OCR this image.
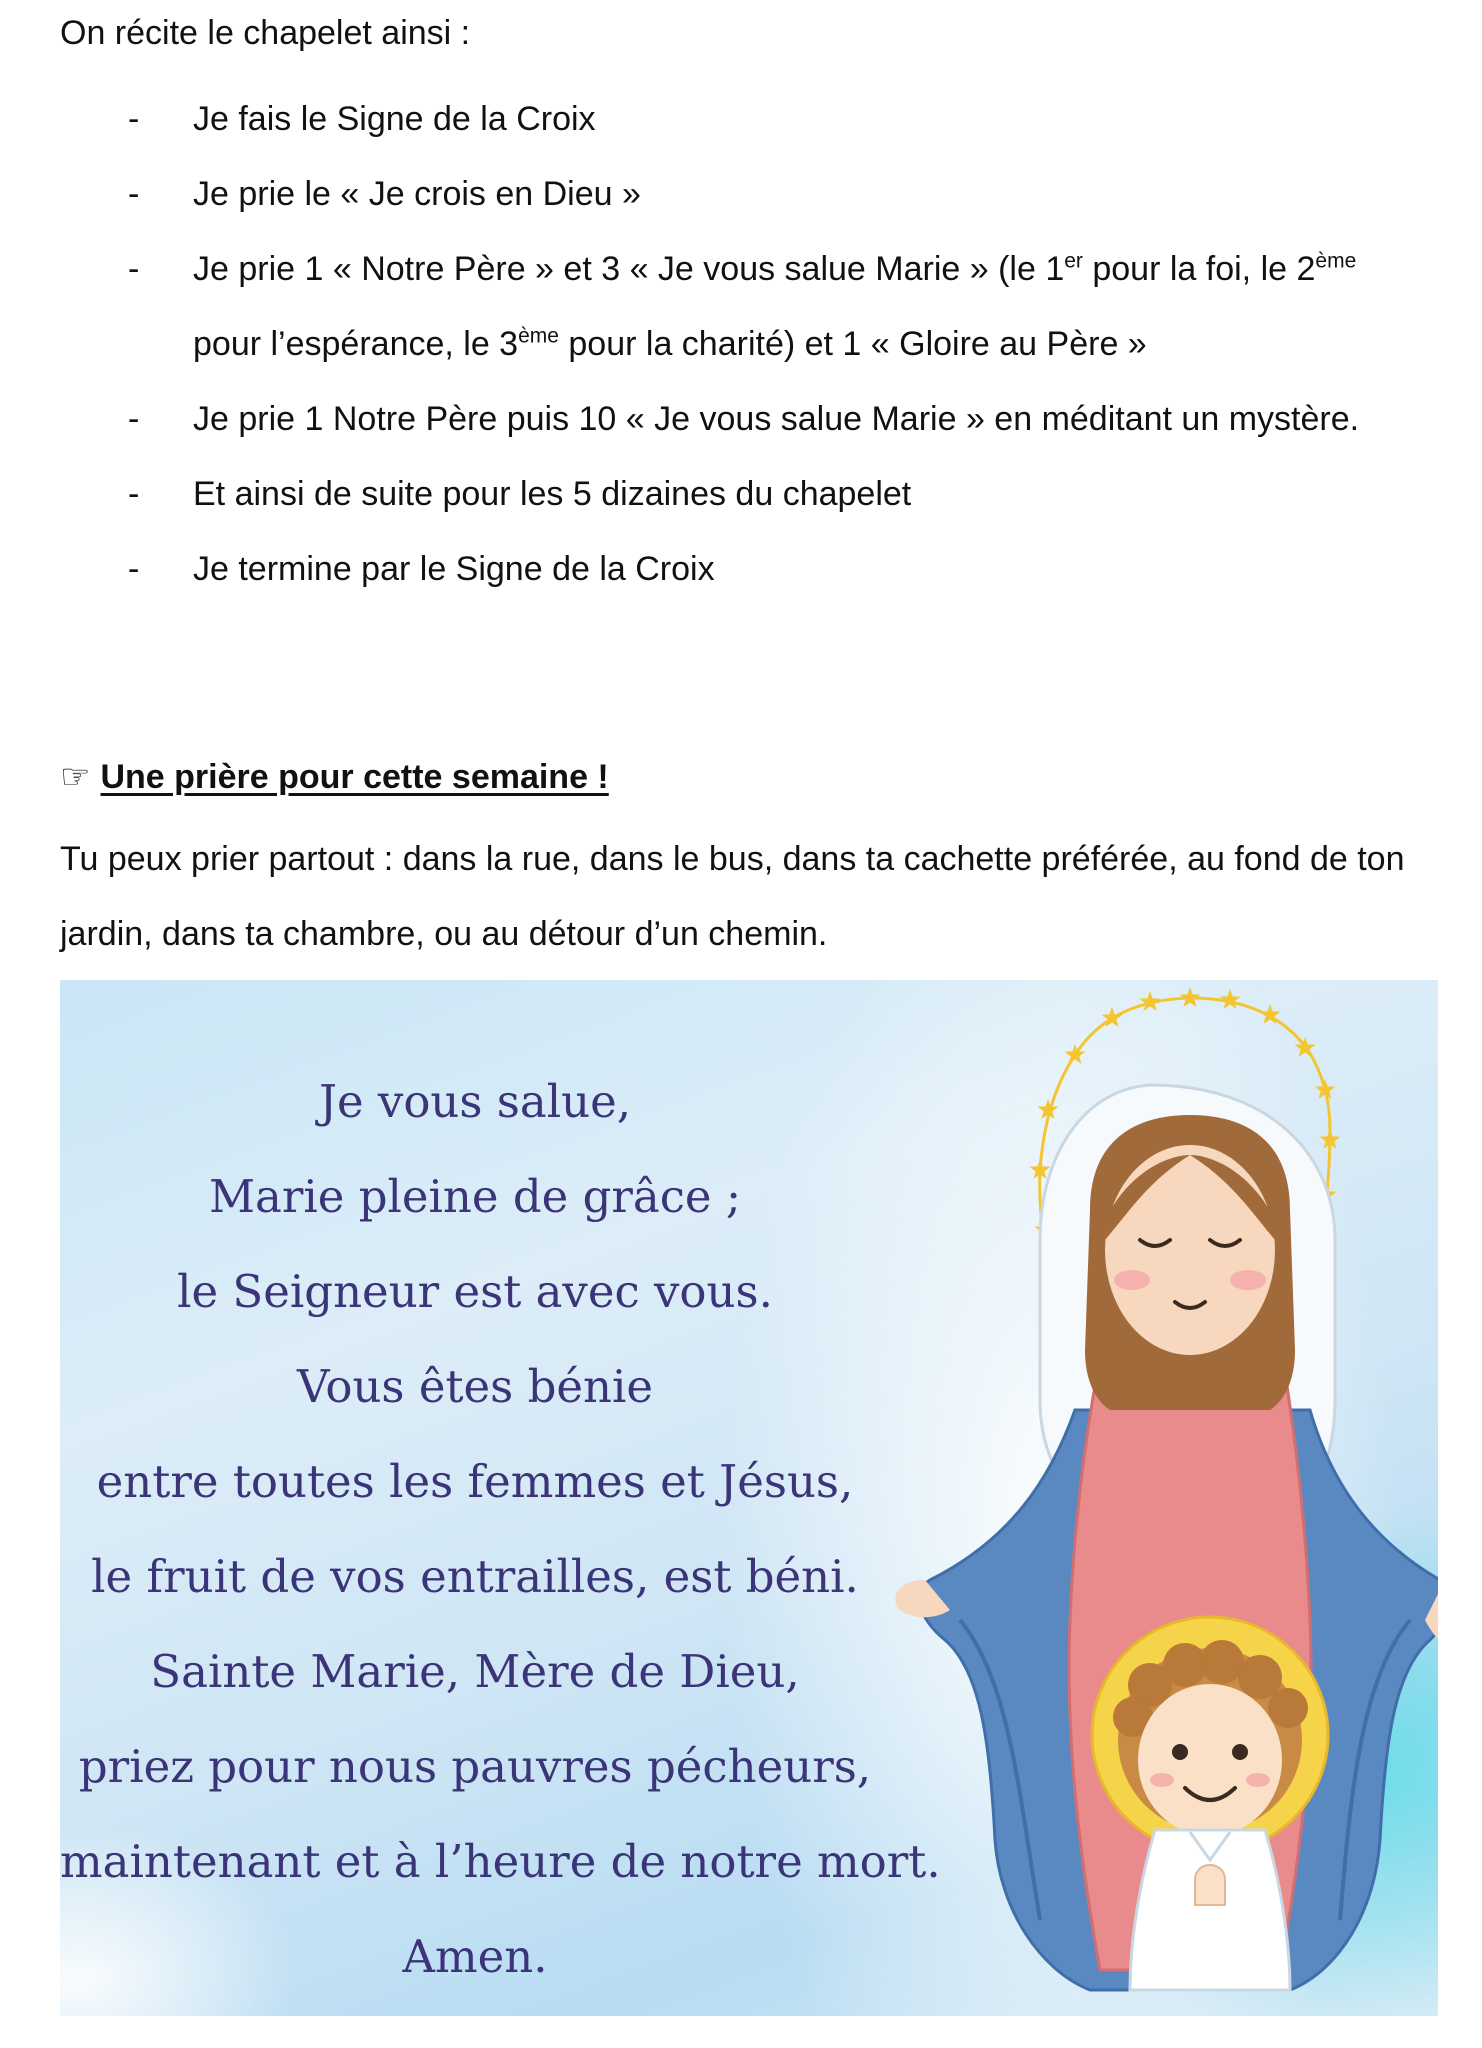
On récite le chapelet ainsi :

- Je fais le Signe de la Croix
- Je prie le « Je crois en Dieu »
- Je prie 1 « Notre Père » et 3 « Je vous salue Marie » (le 1er pour la foi, le 2ème pour l’espérance, le 3ème pour la charité) et 1 « Gloire au Père »
- Je prie 1 Notre Père puis 10 « Je vous salue Marie » en méditant un mystère.
- Et ainsi de suite pour les 5 dizaines du chapelet
- Je termine par le Signe de la Croix

☞ Une prière pour cette semaine !

Tu peux prier partout : dans la rue, dans le bus, dans ta cachette préférée, au fond de ton jardin, dans ta chambre, ou au détour d’un chemin.

Je vous salue,
Marie pleine de grâce ;
le Seigneur est avec vous.
Vous êtes bénie
entre toutes les femmes et Jésus,
le fruit de vos entrailles, est béni.
Sainte Marie, Mère de Dieu,
priez pour nous pauvres pécheurs,
maintenant et à l’heure de notre mort.
Amen.
